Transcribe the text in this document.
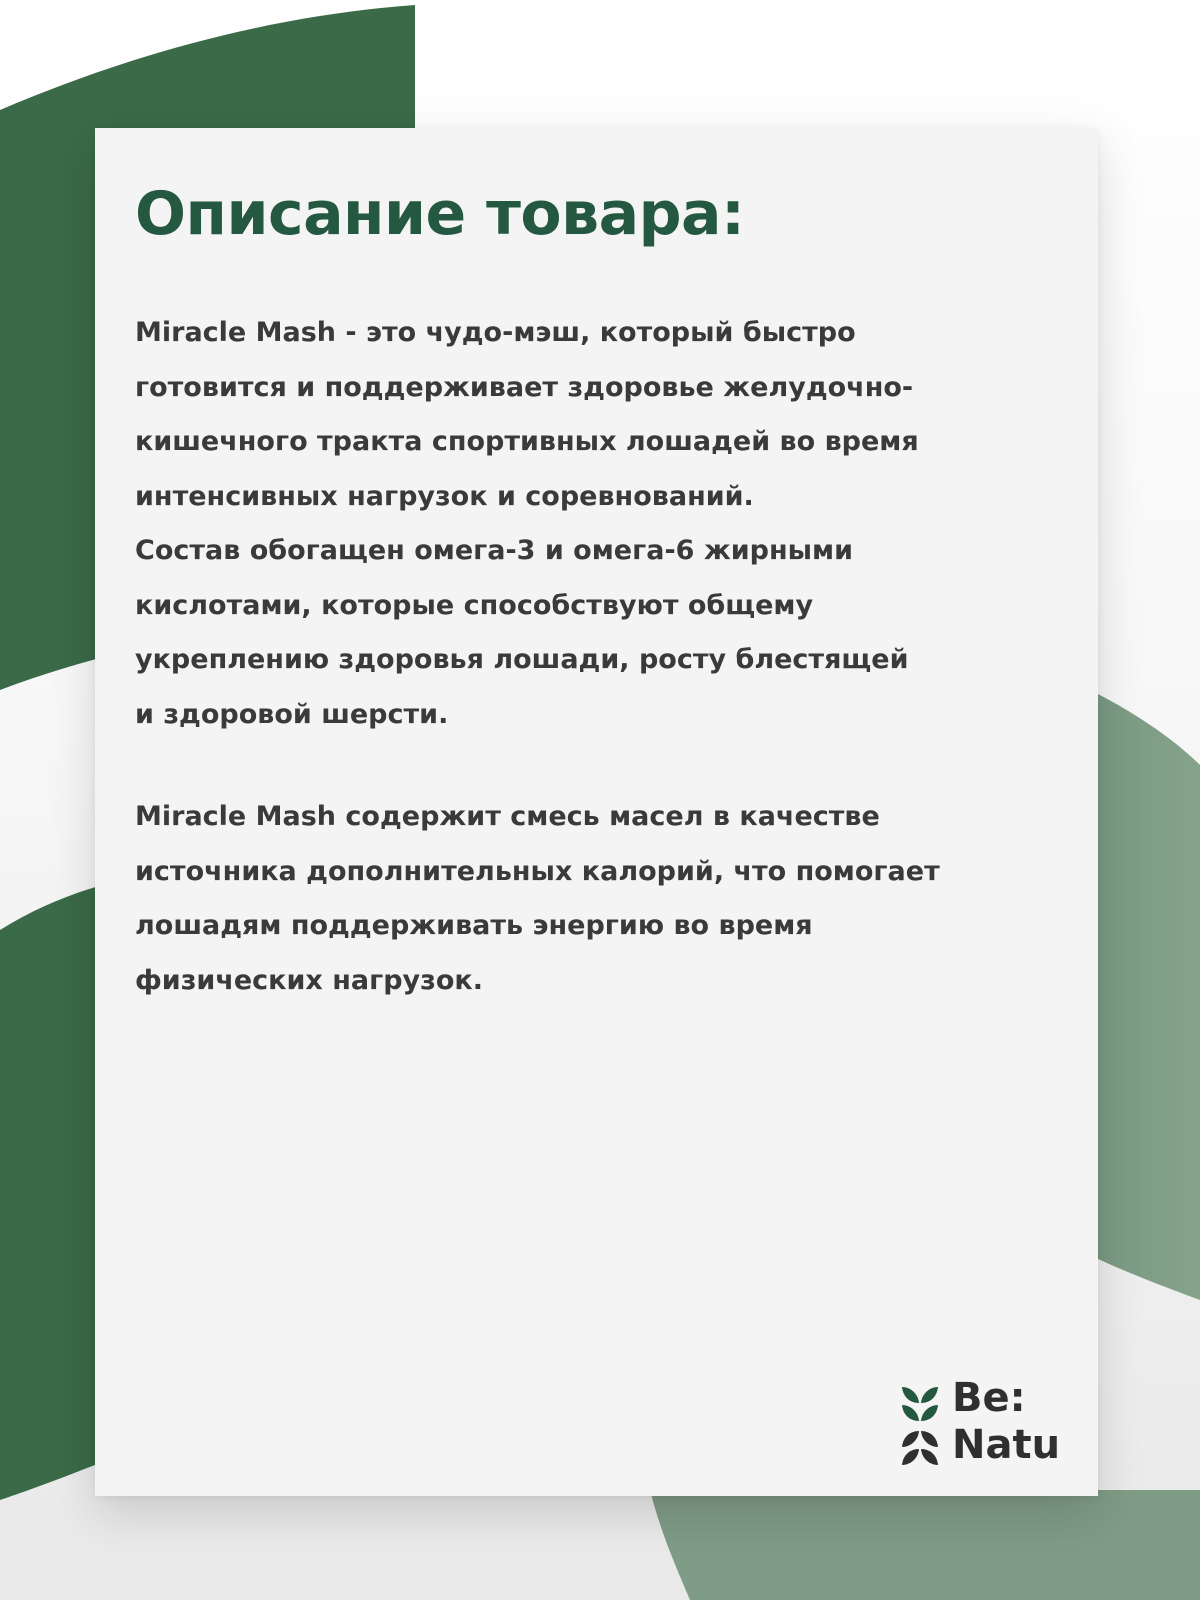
Описание товара:
Miracle Mash - это чудо-мэш, который быстро
готовится и поддерживает здоровье желудочно-
кишечного тракта спортивных лошадей во время
интенсивных нагрузок и соревнований.
Состав обогащен омега-3 и омега-6 жирными
кислотами, которые способствуют общему
укреплению здоровья лошади, росту блестящей
и здоровой шерсти.
Miracle Mash содержит смесь масел в качестве
источника дополнительных калорий, что помогает
лошадям поддерживать энергию во время
физических нагрузок.
Be:
Natu
